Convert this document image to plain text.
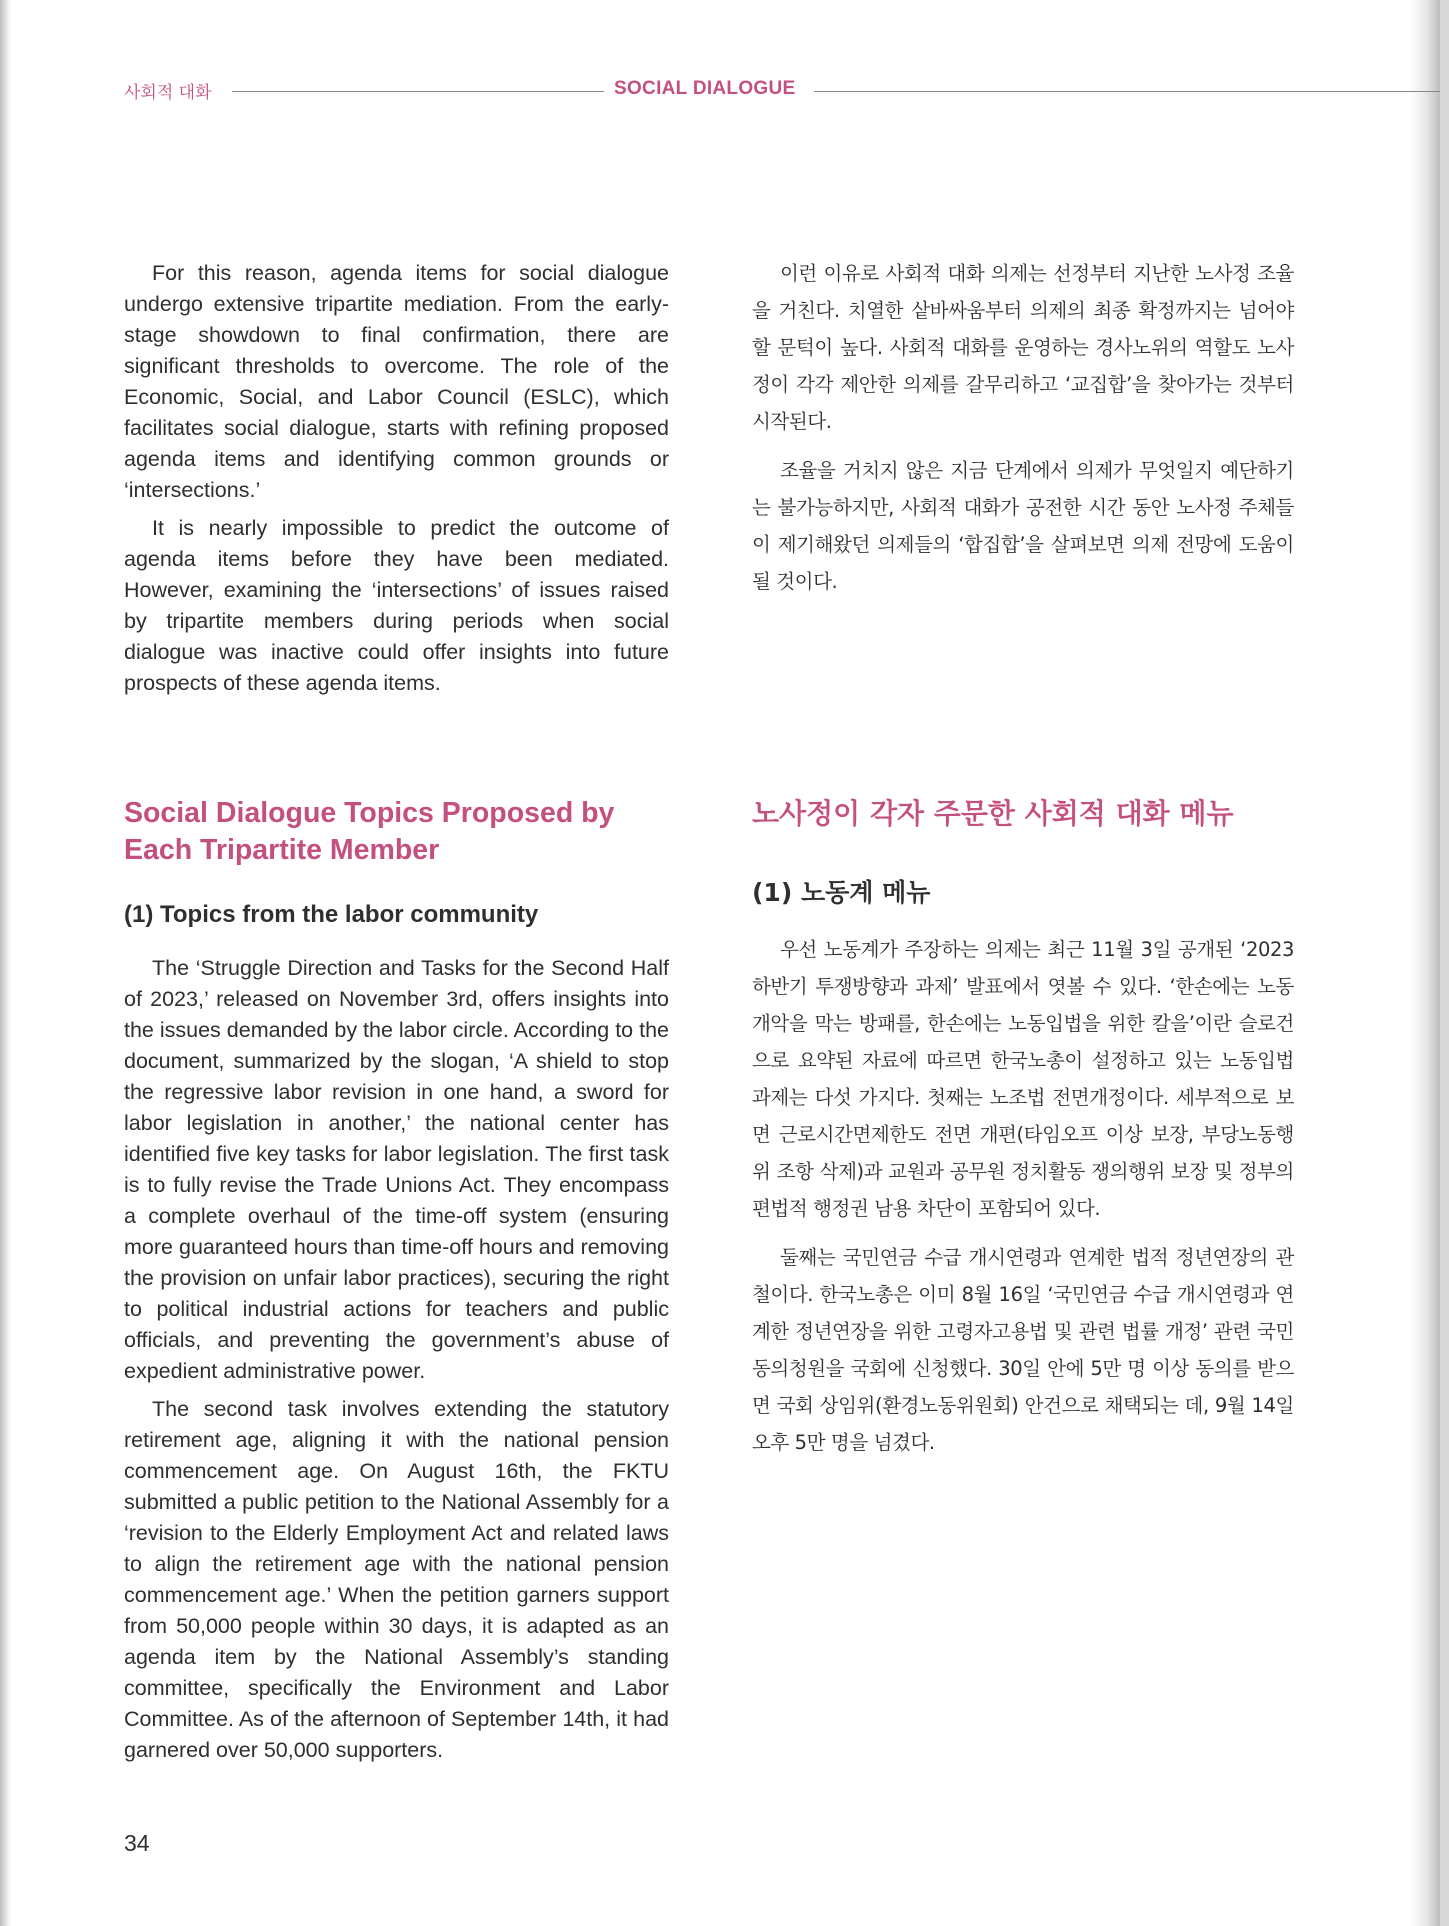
사회적 대화	SOCIAL DIALOGUE

For this reason, agenda items for social dialogue undergo extensive tripartite mediation. From the early-stage showdown to final confirmation, there are significant thresholds to overcome. The role of the Economic, Social, and Labor Council (ESLC), which facilitates social dialogue, starts with refining proposed agenda items and identifying common grounds or ‘intersections.’

It is nearly impossible to predict the outcome of agenda items before they have been mediated. However, examining the ‘intersections’ of issues raised by tripartite members during periods when social dialogue was inactive could offer insights into future prospects of these agenda items.

이런 이유로 사회적 대화 의제는 선정부터 지난한 노사정 조율을 거친다. 치열한 샅바싸움부터 의제의 최종 확정까지는 넘어야 할 문턱이 높다. 사회적 대화를 운영하는 경사노위의 역할도 노사정이 각각 제안한 의제를 갈무리하고 ‘교집합’을 찾아가는 것부터 시작된다.

조율을 거치지 않은 지금 단계에서 의제가 무엇일지 예단하기는 불가능하지만, 사회적 대화가 공전한 시간 동안 노사정 주체들이 제기해왔던 의제들의 ‘합집합’을 살펴보면 의제 전망에 도움이 될 것이다.

Social Dialogue Topics Proposed by Each Tripartite Member
(1) Topics from the labor community

The ‘Struggle Direction and Tasks for the Second Half of 2023,’ released on November 3rd, offers insights into the issues demanded by the labor circle. According to the document, summarized by the slogan, ‘A shield to stop the regressive labor revision in one hand, a sword for labor legislation in another,’ the national center has identified five key tasks for labor legislation. The first task is to fully revise the Trade Unions Act. They encompass a complete overhaul of the time-off system (ensuring more guaranteed hours than time-off hours and removing the provision on unfair labor practices), securing the right to political industrial actions for teachers and public officials, and preventing the government’s abuse of expedient administrative power.

The second task involves extending the statutory retirement age, aligning it with the national pension commencement age. On August 16th, the FKTU submitted a public petition to the National Assembly for a ‘revision to the Elderly Employment Act and related laws to align the retirement age with the national pension commencement age.’ When the petition garners support from 50,000 people within 30 days, it is adapted as an agenda item by the National Assembly’s standing committee, specifically the Environment and Labor Committee. As of the afternoon of September 14th, it had garnered over 50,000 supporters.

노사정이 각자 주문한 사회적 대화 메뉴
(1) 노동계 메뉴

우선 노동계가 주장하는 의제는 최근 11월 3일 공개된 ‘2023 하반기 투쟁방향과 과제’ 발표에서 엿볼 수 있다. ‘한손에는 노동개악을 막는 방패를, 한손에는 노동입법을 위한 칼을’이란 슬로건으로 요약된 자료에 따르면 한국노총이 설정하고 있는 노동입법 과제는 다섯 가지다. 첫째는 노조법 전면개정이다. 세부적으로 보면 근로시간면제한도 전면 개편(타임오프 이상 보장, 부당노동행위 조항 삭제)과 교원과 공무원 정치활동 쟁의행위 보장 및 정부의 편법적 행정권 남용 차단이 포함되어 있다.

둘째는 국민연금 수급 개시연령과 연계한 법적 정년연장의 관철이다. 한국노총은 이미 8월 16일 ‘국민연금 수급 개시연령과 연계한 정년연장을 위한 고령자고용법 및 관련 법률 개정’ 관련 국민동의청원을 국회에 신청했다. 30일 안에 5만 명 이상 동의를 받으면 국회 상임위(환경노동위원회) 안건으로 채택되는 데, 9월 14일 오후 5만 명을 넘겼다.

34
